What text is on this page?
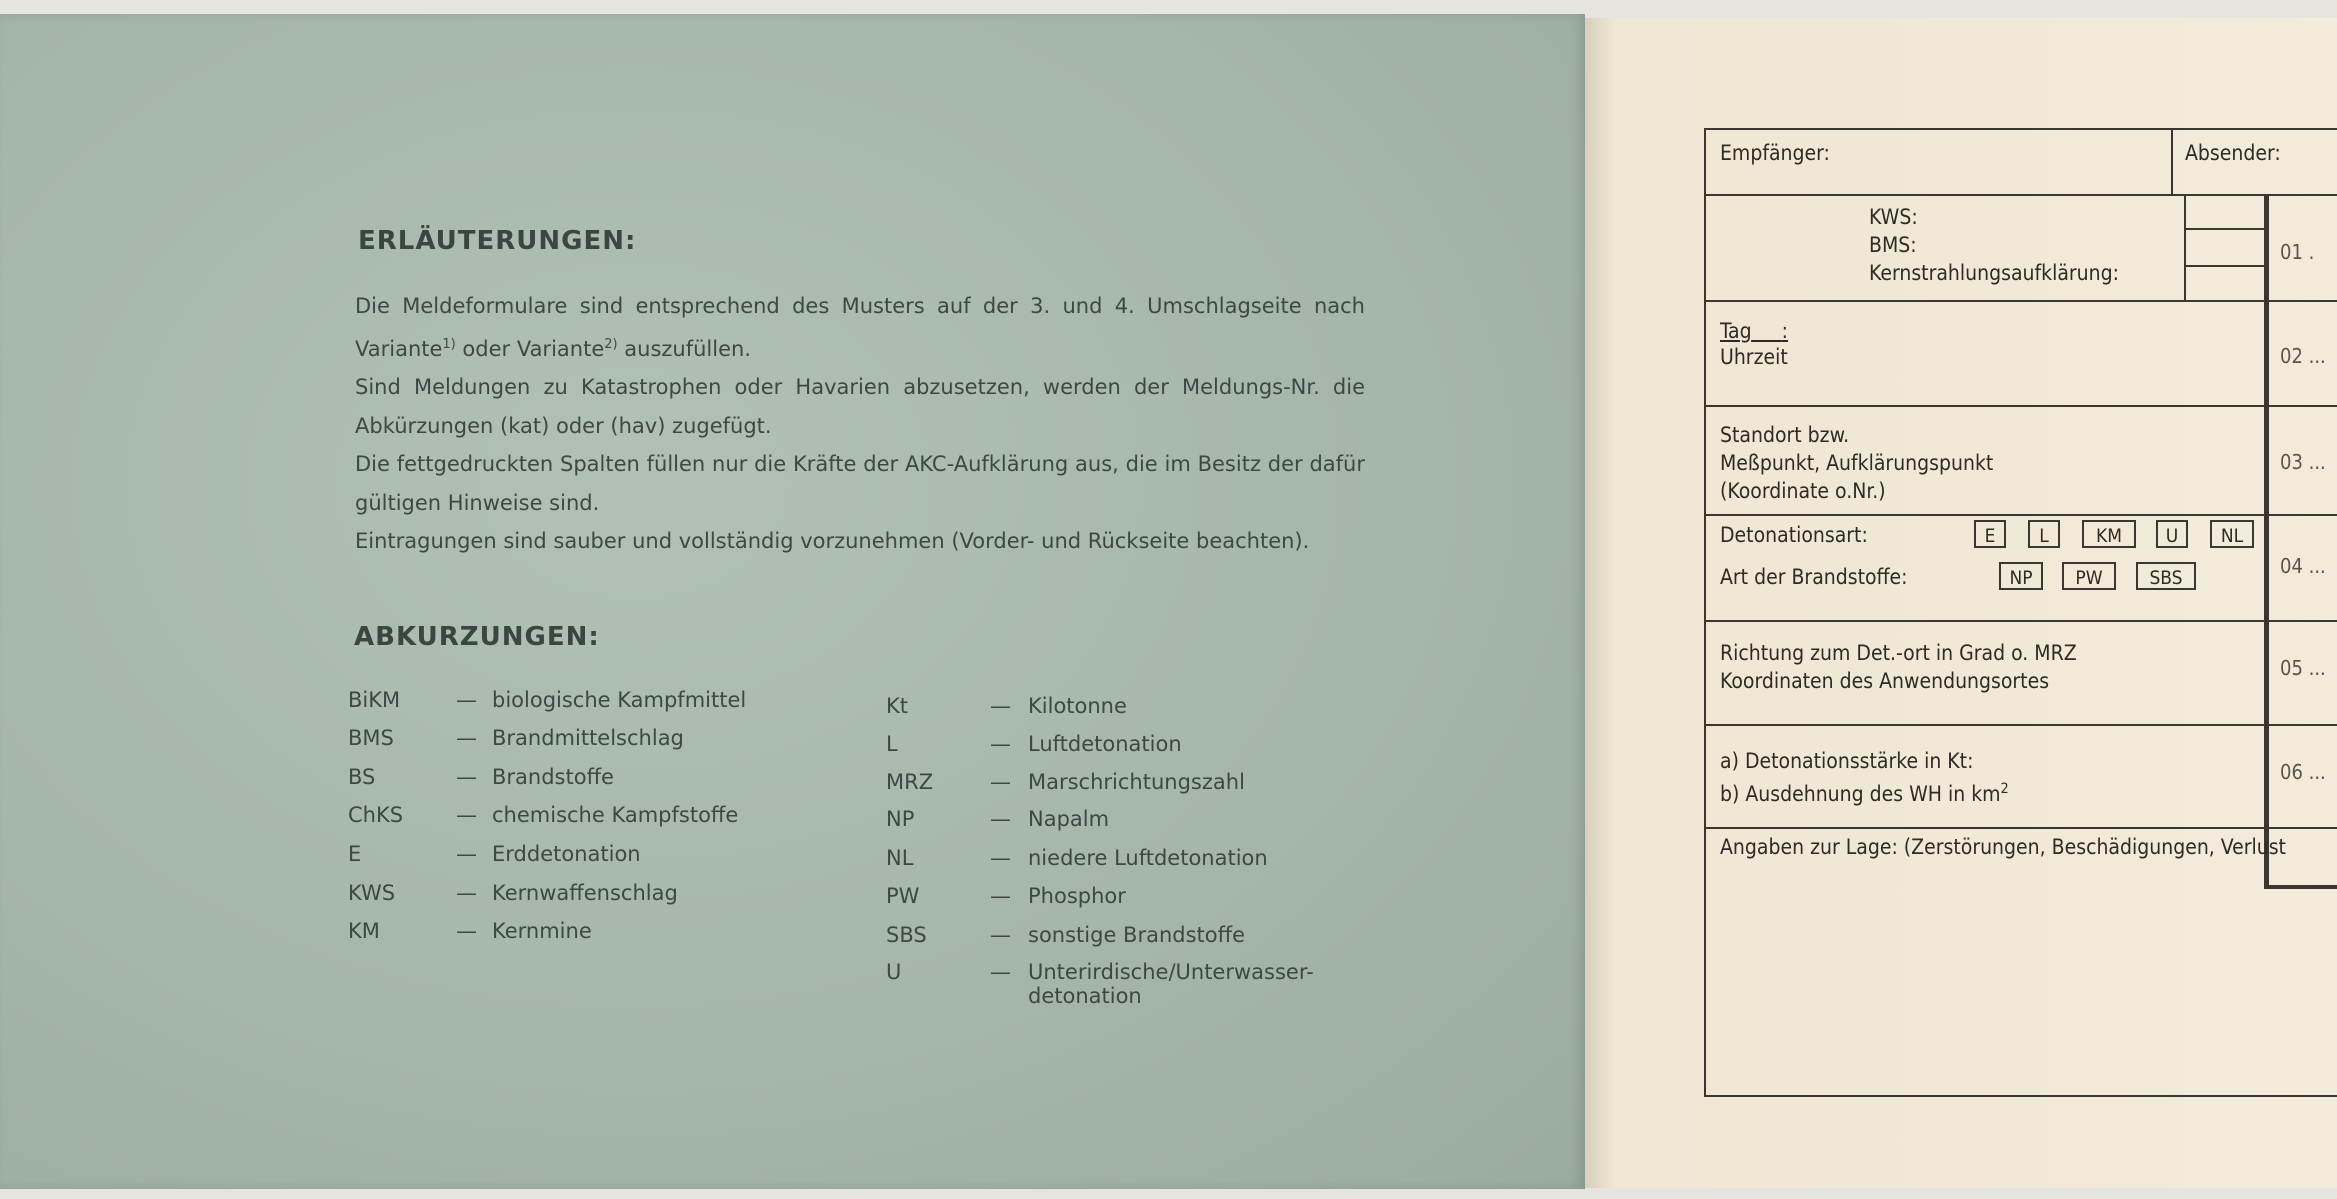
ERLÄUTERUNGEN:

Die Meldeformulare sind entsprechend des Musters auf der 3. und 4. Umschlagseite nach Variante$^{1)}$ oder Variante$^{2)}$ auszufüllen.

Sind Meldungen zu Katastrophen oder Havarien abzusetzen, werden der Meldungs-Nr. die Abkürzungen (kat) oder (hav) zugefügt.

Die fettgedruckten Spalten füllen nur die Kräfte der AKC-Aufklärung aus, die im Besitz der dafür gültigen Hinweise sind.

Eintragungen sind sauber und vollständig vorzunehmen (Vorder- und Rückseite beachten).

ABKURZUNGEN:
BiKM	— biologische Kampfmittel
BMS	— Brandmittelschlag
BS	— Brandstoffe
ChKS	— chemische Kampfstoffe
E	— Erddetonation
KWS	— Kernwaffenschlag
KM	— Kernmine
Kt	— Kilotonne
L	— Luftdetonation
MRZ	— Marschrichtungszahl
NP	— Napalm
NL	— niedere Luftdetonation
PW	— Phosphor
SBS	— sonstige Brandstoffe
U	— Unterirdische/Unterwasser-
detonation
Empfänger:	Absender:
KWS:
BMS:
Kernstrahlungsaufklärung:
01 .
Tag :
Uhrzeit	02 ...
Standort bzw.
Meßpunkt, Aufklärungspunkt
(Koordinate o.Nr.)
03 ...
Detonationsart:	E	L	KM	U	NL
Art der Brandstoffe:	NP	PW	SBS	04 ...
Richtung zum Det.-ort in Grad o. MRZ
Koordinaten des Anwendungsortes
05 ...
a) Detonationsstärke in Kt:
b) Ausdehnung des WH in $km^2$
06 ...
Angaben zur Lage: (Zerstörungen, Beschädigungen, Verlust
